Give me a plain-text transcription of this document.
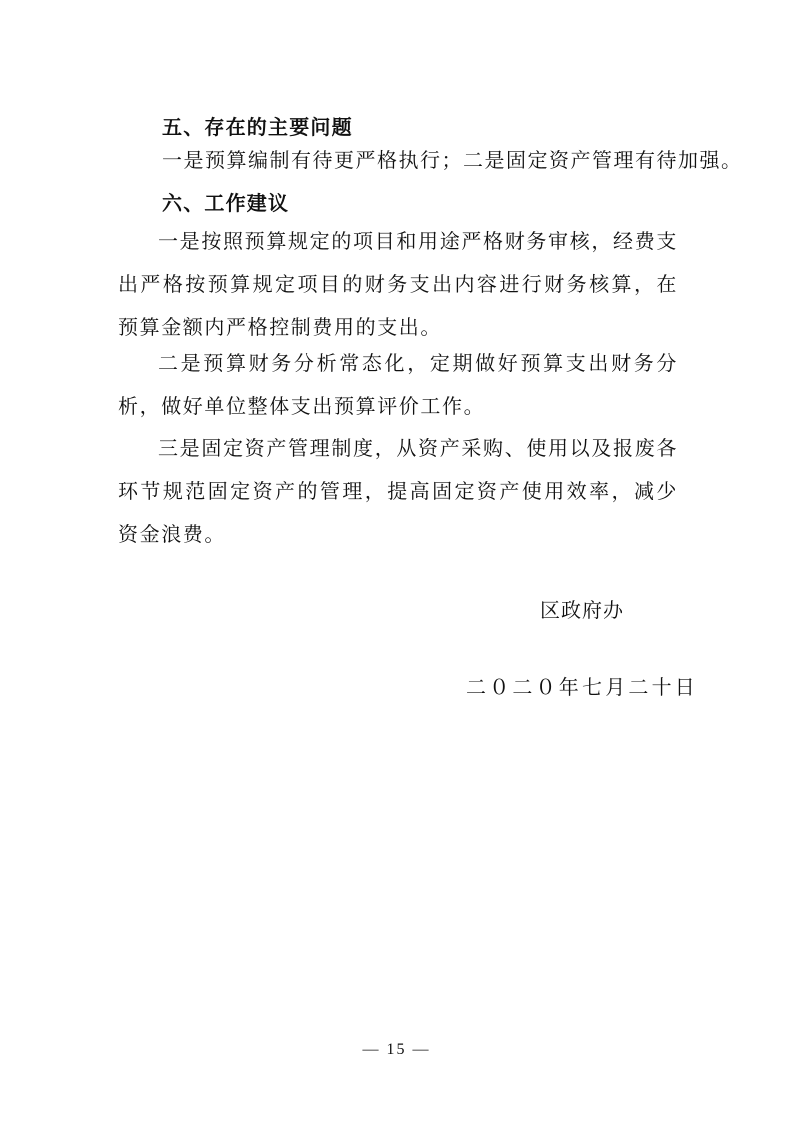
五、存在的主要问题
一是预算编制有待更严格执行；二是固定资产管理有待加强。
六、工作建议

一是按照预算规定的项目和用途严格财务审核，经费支出严格按预算规定项目的财务支出内容进行财务核算，在预算金额内严格控制费用的支出。

二是预算财务分析常态化，定期做好预算支出财务分析，做好单位整体支出预算评价工作。

三是固定资产管理制度，从资产采购、使用以及报废各环节规范固定资产的管理，提高固定资产使用效率，减少资金浪费。

区政府办
二０二０年七月二十日
— 15 —
